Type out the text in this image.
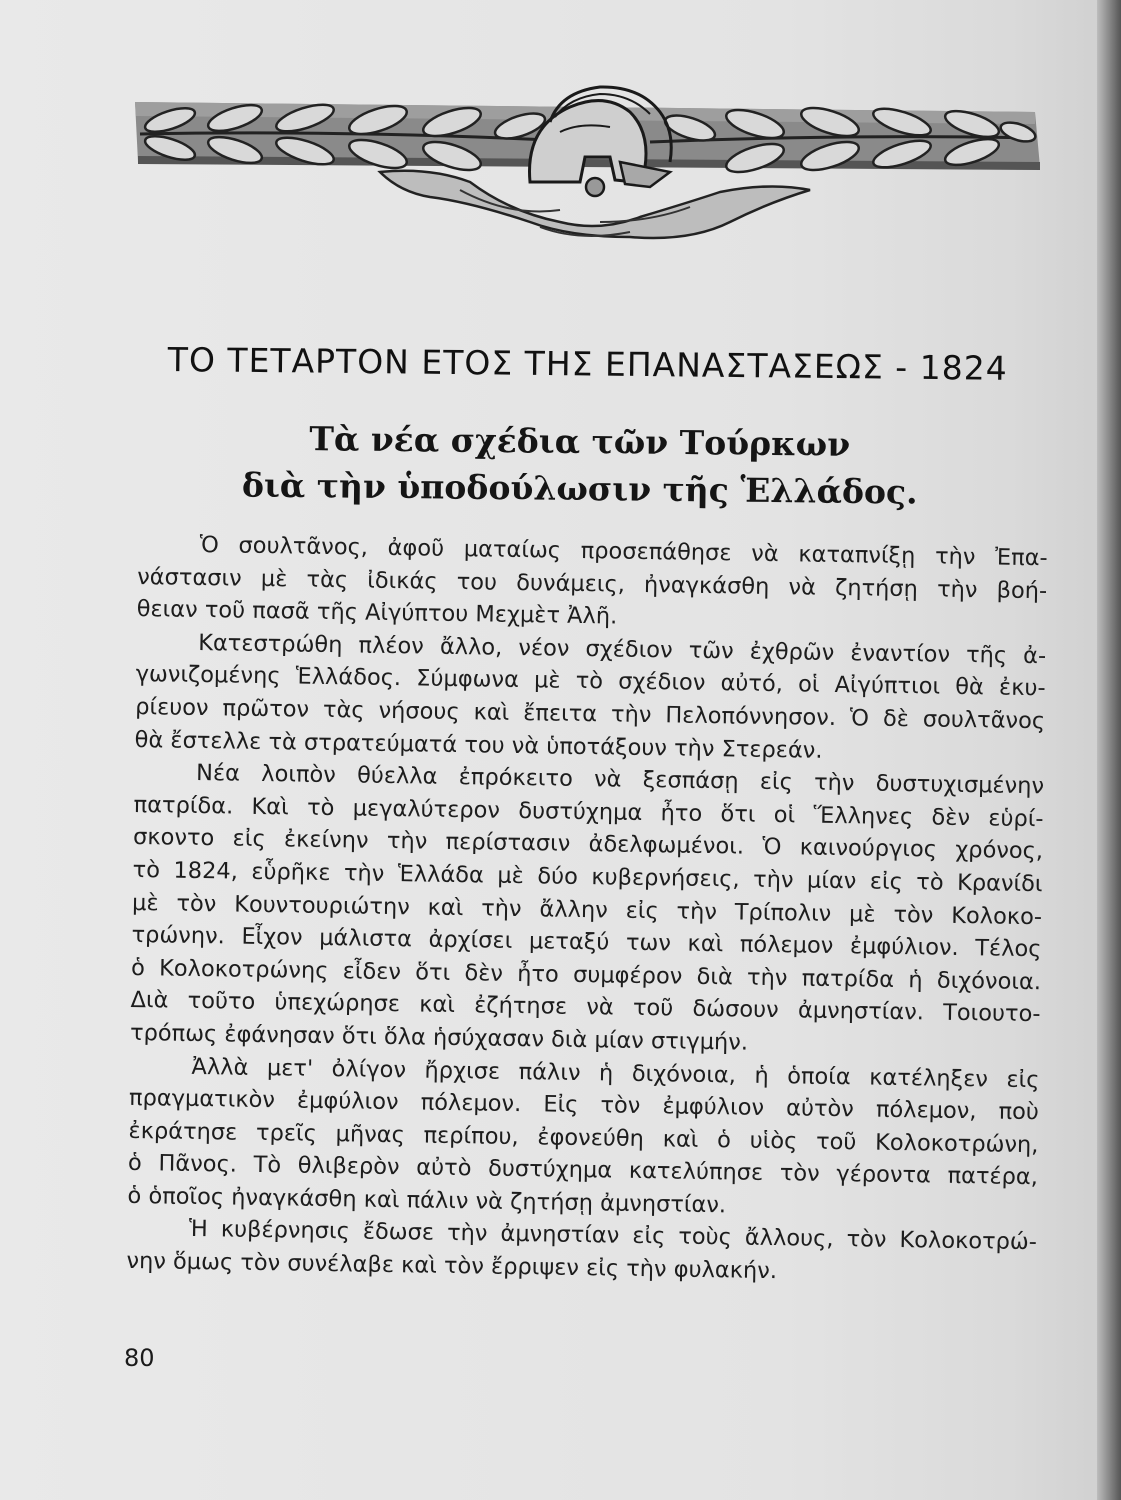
ΤΟ ΤΕΤΑΡΤΟΝ ΕΤΟΣ ΤΗΣ ΕΠΑΝΑΣΤΑΣΕΩΣ - 1824
Τὰ νέα σχέδια τῶν Τούρκων
διὰ τὴν ὑποδούλωσιν τῆς Ἑλλάδος.
Ὁ σουλτᾶνος, ἀφοῦ ματαίως προσεπάθησε νὰ καταπνίξῃ τὴν Ἐπα-
νάστασιν μὲ τὰς ἰδικάς του δυνάμεις, ἠναγκάσθη νὰ ζητήσῃ τὴν βοή-
θειαν τοῦ πασᾶ τῆς Αἰγύπτου Μεχμὲτ Ἀλῆ.
Κατεστρώθη πλέον ἄλλο, νέον σχέδιον τῶν ἐχθρῶν ἐναντίον τῆς ἀ-
γωνιζομένης Ἑλλάδος. Σύμφωνα μὲ τὸ σχέδιον αὐτό, οἱ Αἰγύπτιοι θὰ ἐκυ-
ρίευον πρῶτον τὰς νήσους καὶ ἔπειτα τὴν Πελοπόννησον. Ὁ δὲ σουλτᾶνος
θὰ ἔστελλε τὰ στρατεύματά του νὰ ὑποτάξουν τὴν Στερεάν.
Νέα λοιπὸν θύελλα ἐπρόκειτο νὰ ξεσπάσῃ εἰς τὴν δυστυχισμένην
πατρίδα. Καὶ τὸ μεγαλύτερον δυστύχημα ἦτο ὅτι οἱ Ἕλληνες δὲν εὑρί-
σκοντο εἰς ἐκείνην τὴν περίστασιν ἀδελφωμένοι. Ὁ καινούργιος χρόνος,
τὸ 1824, εὗρῆκε τὴν Ἑλλάδα μὲ δύο κυβερνήσεις, τὴν μίαν εἰς τὸ Κρανίδι
μὲ τὸν Κουντουριώτην καὶ τὴν ἄλλην εἰς τὴν Τρίπολιν μὲ τὸν Κολοκο-
τρώνην. Εἶχον μάλιστα ἀρχίσει μεταξύ των καὶ πόλεμον ἐμφύλιον. Τέλος
ὁ Κολοκοτρώνης εἶδεν ὅτι δὲν ἦτο συμφέρον διὰ τὴν πατρίδα ἡ διχόνοια.
Διὰ τοῦτο ὑπεχώρησε καὶ ἐζήτησε νὰ τοῦ δώσουν ἀμνηστίαν. Τοιουτο-
τρόπως ἐφάνησαν ὅτι ὅλα ἡσύχασαν διὰ μίαν στιγμήν.
Ἀλλὰ μετ' ὀλίγον ἤρχισε πάλιν ἡ διχόνοια, ἡ ὁποία κατέληξεν εἰς
πραγματικὸν ἐμφύλιον πόλεμον. Εἰς τὸν ἐμφύλιον αὐτὸν πόλεμον, ποὺ
ἐκράτησε τρεῖς μῆνας περίπου, ἐφονεύθη καὶ ὁ υἱὸς τοῦ Κολοκοτρώνη,
ὁ Πᾶνος. Τὸ θλιβερὸν αὐτὸ δυστύχημα κατελύπησε τὸν γέροντα πατέρα,
ὁ ὁποῖος ἠναγκάσθη καὶ πάλιν νὰ ζητήσῃ ἀμνηστίαν.
Ἡ κυβέρνησις ἔδωσε τὴν ἀμνηστίαν εἰς τοὺς ἄλλους, τὸν Κολοκοτρώ-
νην ὅμως τὸν συνέλαβε καὶ τὸν ἔρριψεν εἰς τὴν φυλακήν.
80
